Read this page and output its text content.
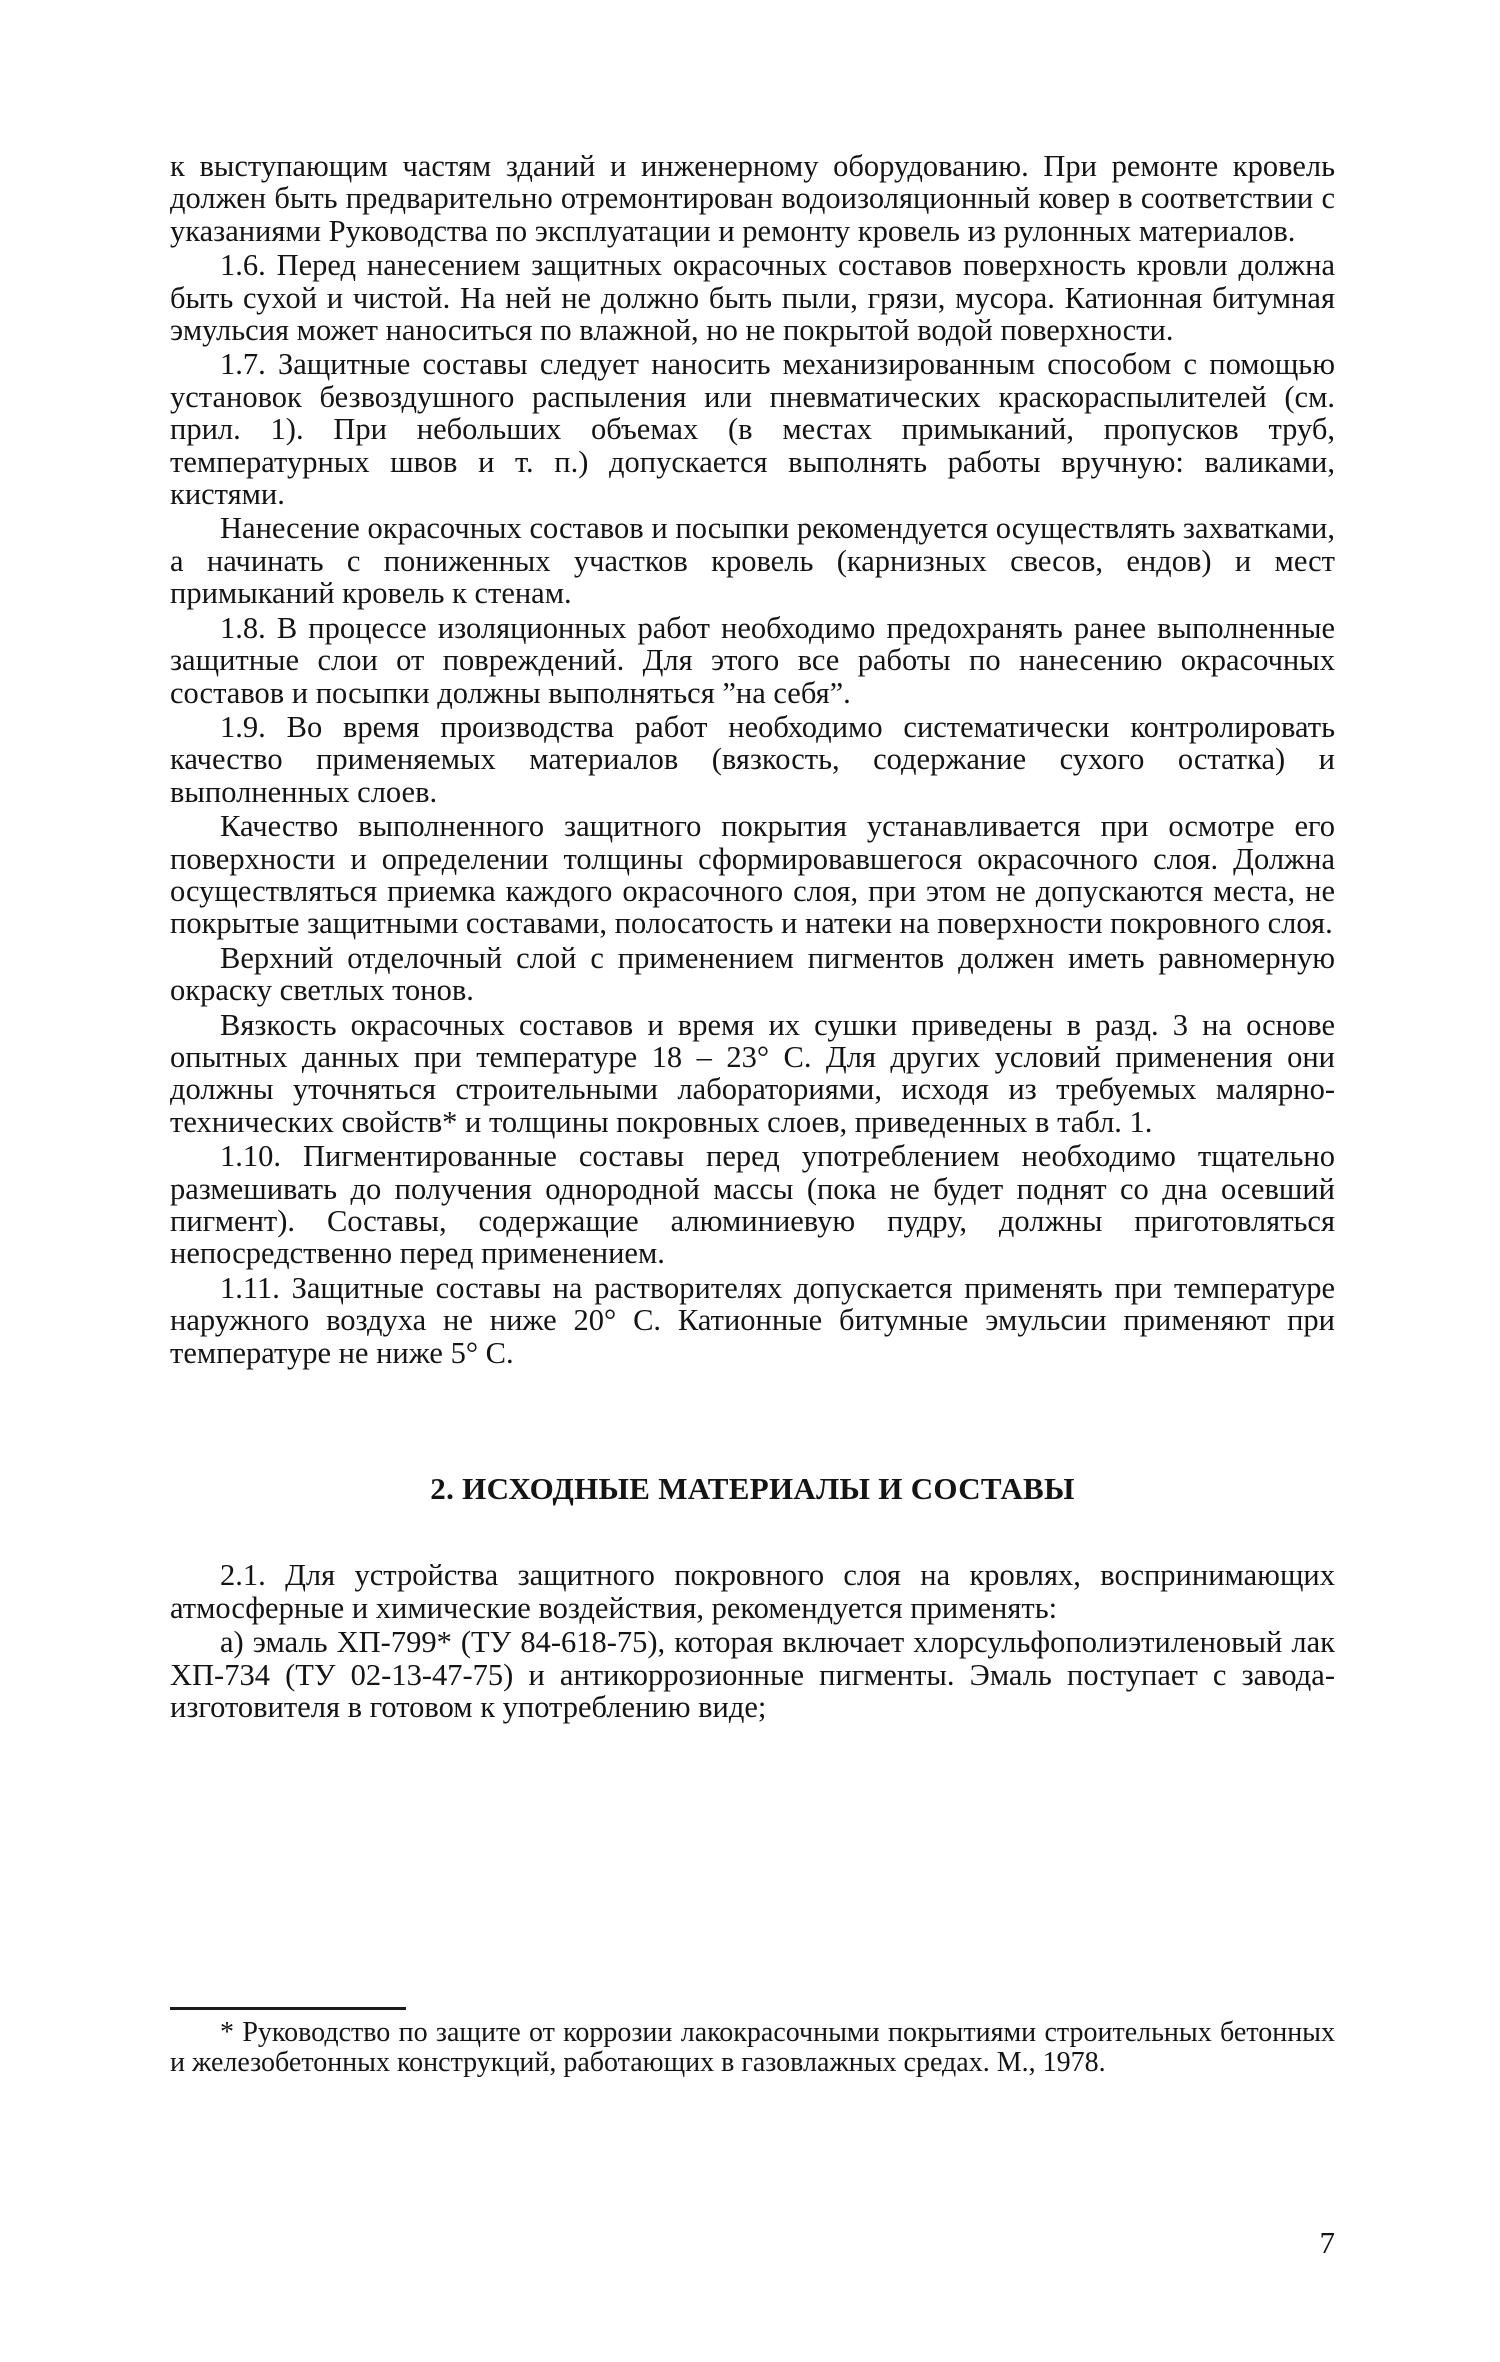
к выступающим частям зданий и инженерному оборудованию. При ремонте кровель должен быть предварительно отремонтирован водоизоляционный ковер в соответствии с указаниями Руководства по эксплуатации и ремонту кровель из рулонных материалов.

1.6. Перед нанесением защитных окрасочных составов поверхность кровли должна быть сухой и чистой. На ней не должно быть пыли, грязи, мусора. Катионная битумная эмульсия может наноситься по влажной, но не покрытой водой поверхности.

1.7. Защитные составы следует наносить механизированным способом с помощью установок безвоздушного распыления или пневматических краскораспылителей (см. прил. 1). При небольших объемах (в местах примыканий, пропусков труб, температурных швов и т. п.) допускается выполнять работы вручную: валиками, кистями.

Нанесение окрасочных составов и посыпки рекомендуется осуществлять захватками, а начинать с пониженных участков кровель (карнизных свесов, ендов) и мест примыканий кровель к стенам.

1.8. В процессе изоляционных работ необходимо предохранять ранее выполненные защитные слои от повреждений. Для этого все работы по нанесению окрасочных составов и посыпки должны выполняться ”на себя”.

1.9. Во время производства работ необходимо систематически контролировать качество применяемых материалов (вязкость, содержание сухого остатка) и выполненных слоев.

Качество выполненного защитного покрытия устанавливается при осмотре его поверхности и определении толщины сформировавшегося окрасочного слоя. Должна осуществляться приемка каждого окрасочного слоя, при этом не допускаются места, не покрытые защитными составами, полосатость и натеки на поверхности покровного слоя.

Верхний отделочный слой с применением пигментов должен иметь равномерную окраску светлых тонов.

Вязкость окрасочных составов и время их сушки приведены в разд. 3 на основе опытных данных при температуре 18 – 23° С. Для других условий применения они должны уточняться строительными лабораториями, исходя из требуемых малярно-технических свойств* и толщины покровных слоев, приведенных в табл. 1.

1.10. Пигментированные составы перед употреблением необходимо тщательно размешивать до получения однородной массы (пока не будет поднят со дна осевший пигмент). Составы, содержащие алюминиевую пудру, должны приготовляться непосредственно перед применением.

1.11. Защитные составы на растворителях допускается применять при температуре наружного воздуха не ниже 20° С. Катионные битумные эмульсии применяют при температуре не ниже 5° С.

2. ИСХОДНЫЕ МАТЕРИАЛЫ И СОСТАВЫ

2.1. Для устройства защитного покровного слоя на кровлях, воспринимающих атмосферные и химические воздействия, рекомендуется применять:

а) эмаль ХП-799* (ТУ 84-618-75), которая включает хлорсульфополиэтиленовый лак ХП-734 (ТУ 02-13-47-75) и антикоррозионные пигменты. Эмаль поступает с завода-изготовителя в готовом к употреблению виде;

* Руководство по защите от коррозии лакокрасочными покрытиями строительных бетонных и железобетонных конструкций, работающих в газовлажных средах. М., 1978.

7
